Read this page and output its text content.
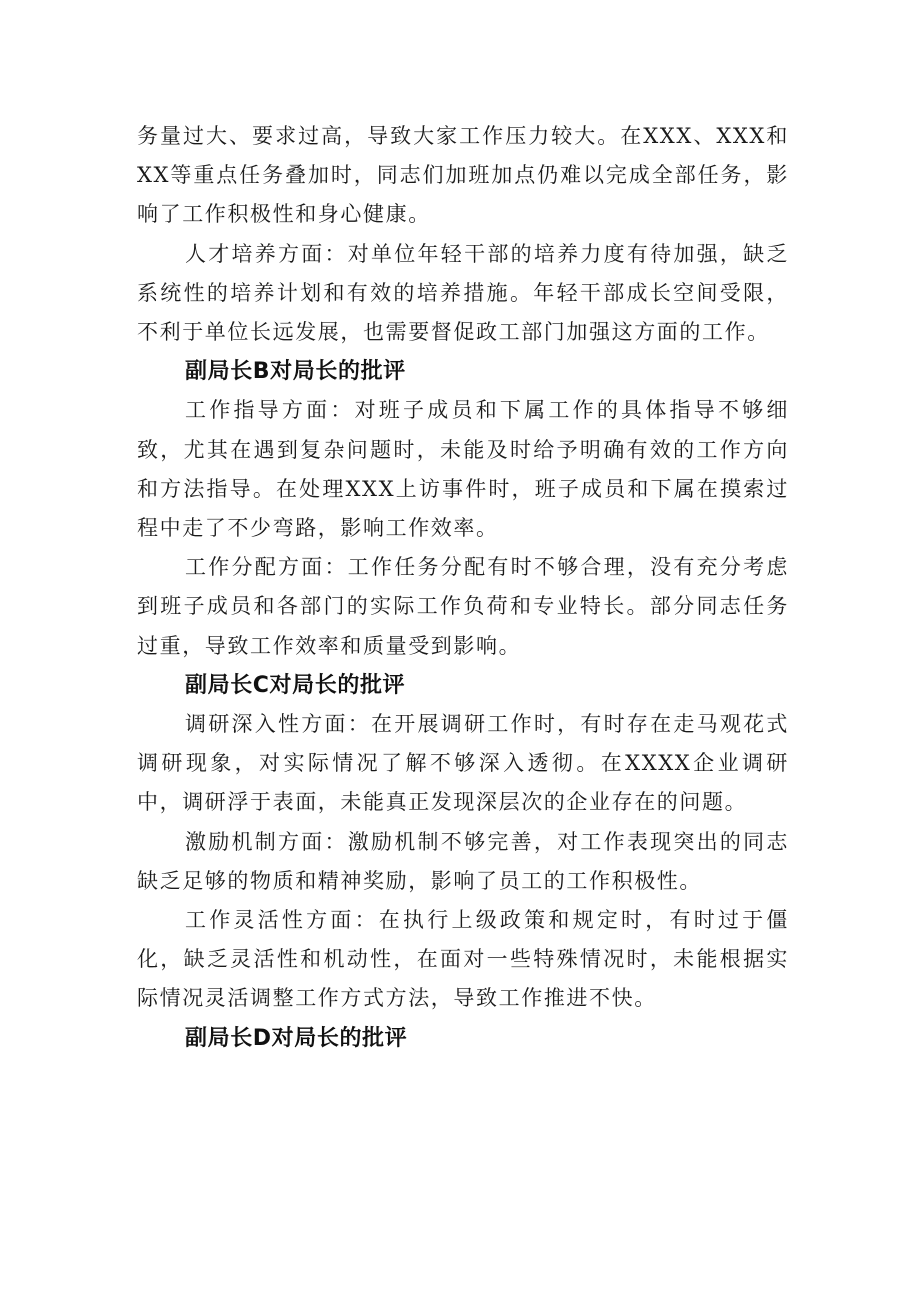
务量过大、要求过高，导致大家工作压力较大。在XXX、XXX和XX等重点任务叠加时，同志们加班加点仍难以完成全部任务，影响了工作积极性和身心健康。

人才培养方面：对单位年轻干部的培养力度有待加强，缺乏系统性的培养计划和有效的培养措施。年轻干部成长空间受限，不利于单位长远发展，也需要督促政工部门加强这方面的工作。

副局长B对局长的批评

工作指导方面：对班子成员和下属工作的具体指导不够细致，尤其在遇到复杂问题时，未能及时给予明确有效的工作方向和方法指导。在处理XXX上访事件时，班子成员和下属在摸索过程中走了不少弯路，影响工作效率。

工作分配方面：工作任务分配有时不够合理，没有充分考虑到班子成员和各部门的实际工作负荷和专业特长。部分同志任务过重，导致工作效率和质量受到影响。

副局长C对局长的批评

调研深入性方面：在开展调研工作时，有时存在走马观花式调研现象，对实际情况了解不够深入透彻。在XXXX企业调研中，调研浮于表面，未能真正发现深层次的企业存在的问题。

激励机制方面：激励机制不够完善，对工作表现突出的同志缺乏足够的物质和精神奖励，影响了员工的工作积极性。

工作灵活性方面：在执行上级政策和规定时，有时过于僵化，缺乏灵活性和机动性，在面对一些特殊情况时，未能根据实际情况灵活调整工作方式方法，导致工作推进不快。

副局长D对局长的批评
